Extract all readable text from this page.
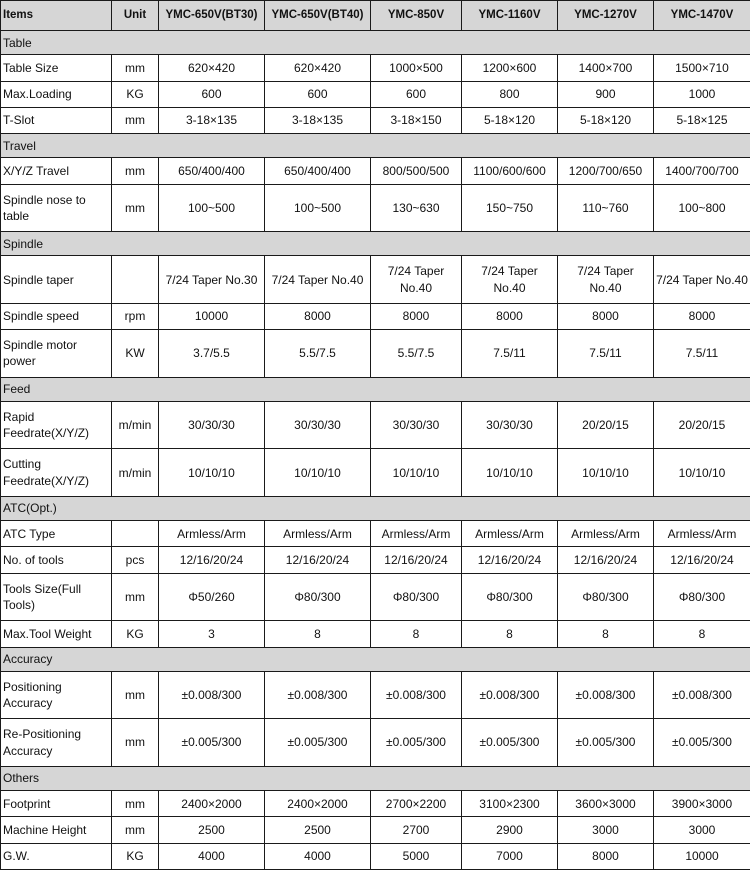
Items	Unit	YMC-650V(BT30)	YMC-650V(BT40)	YMC-850V	YMC-1160V	YMC-1270V	YMC-1470V
Table							
Table Size	mm	620×420	620×420	1000×500	1200×600	1400×700	1500×710
Max.Loading	KG	600	600	600	800	900	1000
T-Slot	mm	3-18×135	3-18×135	3-18×150	5-18×120	5-18×120	5-18×125
Travel							
X/Y/Z Travel	mm	650/400/400	650/400/400	800/500/500	1100/600/600	1200/700/650	1400/700/700
Spindle nose to table	mm	100~500	100~500	130~630	150~750	110~760	100~800
Spindle							
Spindle taper		7/24 Taper No.30	7/24 Taper No.40	7/24 Taper No.40	7/24 Taper No.40	7/24 Taper No.40	7/24 Taper No.40
Spindle speed	rpm	10000	8000	8000	8000	8000	8000
Spindle motor power	KW	3.7/5.5	5.5/7.5	5.5/7.5	7.5/11	7.5/11	7.5/11
Feed							
Rapid Feedrate(X/Y/Z)	m/min	30/30/30	30/30/30	30/30/30	30/30/30	20/20/15	20/20/15
Cutting Feedrate(X/Y/Z)	m/min	10/10/10	10/10/10	10/10/10	10/10/10	10/10/10	10/10/10
ATC(Opt.)							
ATC Type		Armless/Arm	Armless/Arm	Armless/Arm	Armless/Arm	Armless/Arm	Armless/Arm
No. of tools	pcs	12/16/20/24	12/16/20/24	12/16/20/24	12/16/20/24	12/16/20/24	12/16/20/24
Tools Size(Full Tools)	mm	Φ50/260	Φ80/300	Φ80/300	Φ80/300	Φ80/300	Φ80/300
Max.Tool Weight	KG	3	8	8	8	8	8
Accuracy							
Positioning Accuracy	mm	±0.008/300	±0.008/300	±0.008/300	±0.008/300	±0.008/300	±0.008/300
Re-Positioning Accuracy	mm	±0.005/300	±0.005/300	±0.005/300	±0.005/300	±0.005/300	±0.005/300
Others							
Footprint	mm	2400×2000	2400×2000	2700×2200	3100×2300	3600×3000	3900×3000
Machine Height	mm	2500	2500	2700	2900	3000	3000
G.W.	KG	4000	4000	5000	7000	8000	10000
